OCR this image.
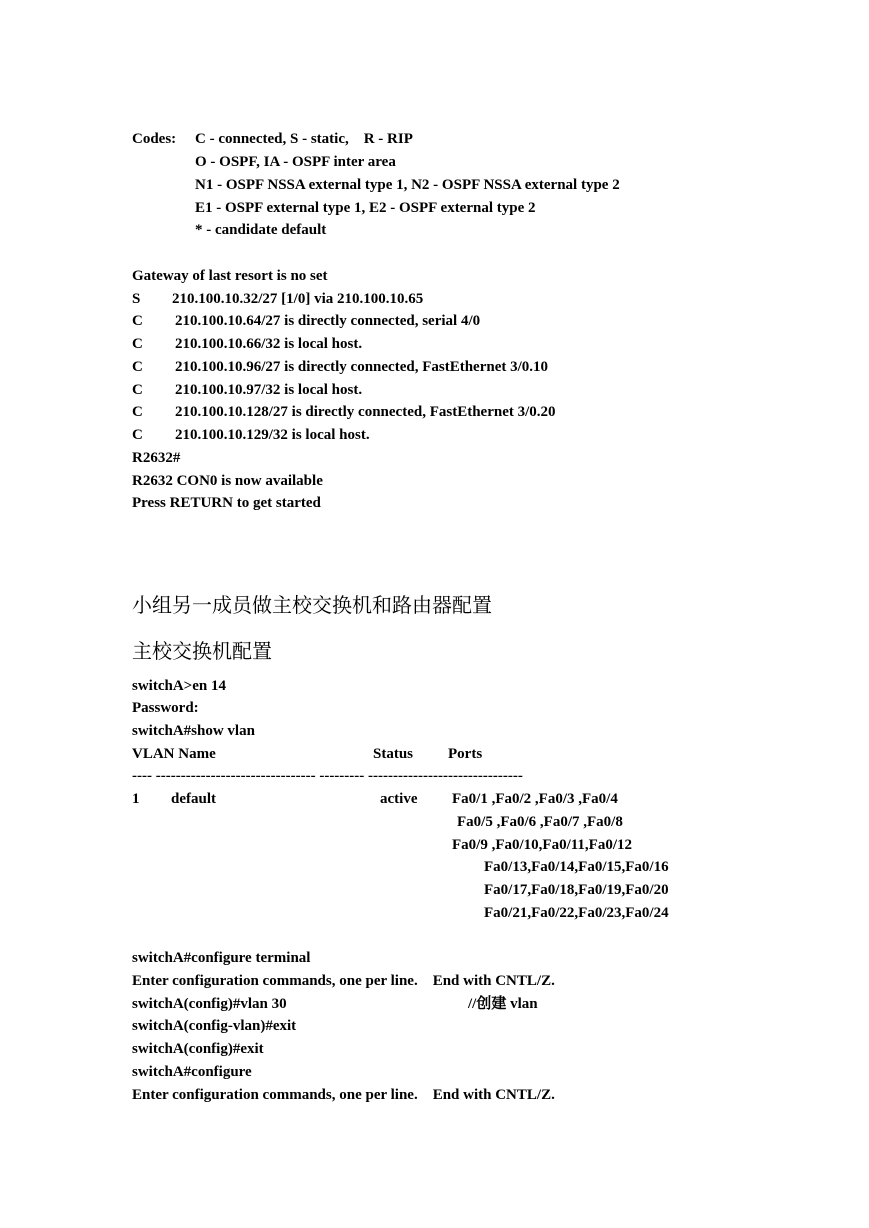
Codes: C - connected, S - static,    R - RIP
O - OSPF, IA - OSPF inter area
N1 - OSPF NSSA external type 1, N2 - OSPF NSSA external type 2
E1 - OSPF external type 1, E2 - OSPF external type 2
* - candidate default
Gateway of last resort is no set
S 210.100.10.32/27 [1/0] via 210.100.10.65
C 210.100.10.64/27 is directly connected, serial 4/0
C 210.100.10.66/32 is local host.
C 210.100.10.96/27 is directly connected, FastEthernet 3/0.10
C 210.100.10.97/32 is local host.
C 210.100.10.128/27 is directly connected, FastEthernet 3/0.20
C 210.100.10.129/32 is local host.
R2632#
R2632 CON0 is now available
Press RETURN to get started
小组另一成员做主校交换机和路由器配置
主校交换机配置
switchA>en 14
Password:
switchA#show vlan
VLAN Name	Status Ports
---- -------------------------------- --------- -------------------------------
1 default	active Fa0/1 ,Fa0/2 ,Fa0/3 ,Fa0/4
Fa0/5 ,Fa0/6 ,Fa0/7 ,Fa0/8
Fa0/9 ,Fa0/10,Fa0/11,Fa0/12
Fa0/13,Fa0/14,Fa0/15,Fa0/16
Fa0/17,Fa0/18,Fa0/19,Fa0/20
Fa0/21,Fa0/22,Fa0/23,Fa0/24
switchA#configure terminal
Enter configuration commands, one per line.    End with CNTL/Z.
switchA(config)#vlan 30	//创建 vlan
switchA(config-vlan)#exit
switchA(config)#exit
switchA#configure
Enter configuration commands, one per line.    End with CNTL/Z.
